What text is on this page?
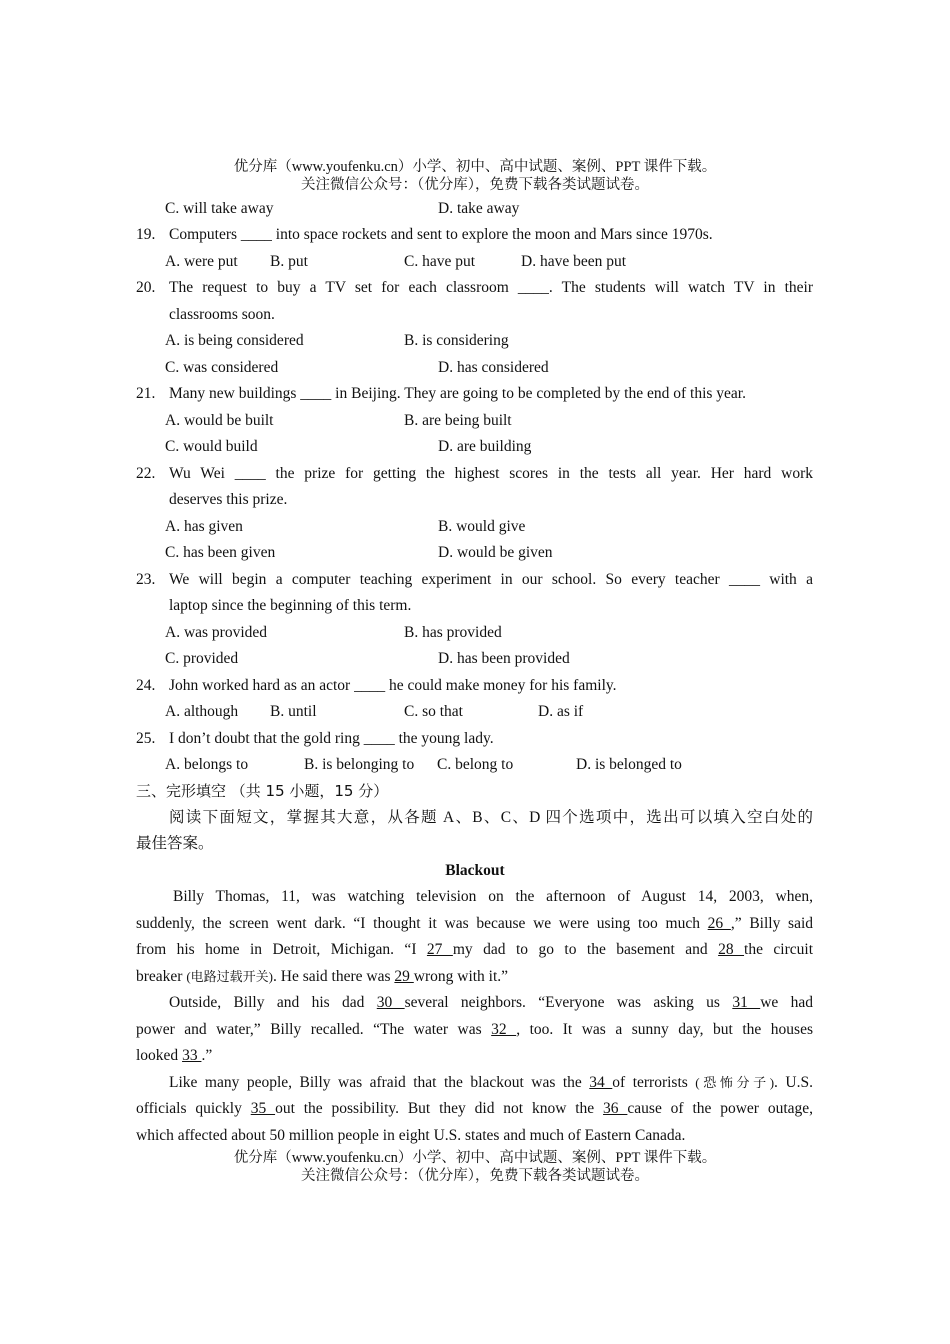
优分库（www.youfenku.cn）小学、初中、高中试题、案例、PPT 课件下载。
关注微信公众号：（优分库），免费下载各类试题试卷。
C. will take away	D. take away
19. Computers ____ into space rockets and sent to explore the moon and Mars since 1970s.
A. were put B. put	C. have put	D. have been put
20. The request to buy a TV set for each classroom ____. The students will watch TV in their
classrooms soon.
A. is being considered	B. is considering
C. was considered	D. has considered
21. Many new buildings ____ in Beijing. They are going to be completed by the end of this year.
A. would be built	B. are being built
C. would build	D. are building
22. Wu Wei ____ the prize for getting the highest scores in the tests all year. Her hard work
deserves this prize.
A. has given	B. would give
C. has been given	D. would be given
23. We will begin a computer teaching experiment in our school. So every teacher ____ with a
laptop since the beginning of this term.
A. was provided	B. has provided
C. provided	D. has been provided
24. John worked hard as an actor ____ he could make money for his family.
A. although B. until	C. so that	D. as if
25. I don’t doubt that the gold ring ____ the young lady.
A. belongs to	B. is belonging to C. belong to	D. is belonged to
三、完形填空 （共 15 小题，15 分）
阅读下面短文，掌握其大意，从各题 A、B、C、D 四个选项中，选出可以填入空白处的
最佳答案。
Blackout
Billy Thomas, 11, was watching television on the afternoon of August 14, 2003, when,
suddenly, the screen went dark. “I thought it was because we were using too much 26 ,” Billy said
from his home in Detroit, Michigan. “I 27 my dad to go to the basement and 28 the circuit
breaker (电路过载开关). He said there was 29 wrong with it.”
Outside, Billy and his dad 30 several neighbors. “Everyone was asking us 31 we had
power and water,” Billy recalled. “The water was 32 , too. It was a sunny day, but the houses
looked 33 .”
Like many people, Billy was afraid that the blackout was the 34 of terrorists (恐怖分子). U.S.
officials quickly 35 out the possibility. But they did not know the 36 cause of the power outage,
which affected about 50 million people in eight U.S. states and much of Eastern Canada.
优分库（www.youfenku.cn）小学、初中、高中试题、案例、PPT 课件下载。
关注微信公众号：（优分库），免费下载各类试题试卷。
